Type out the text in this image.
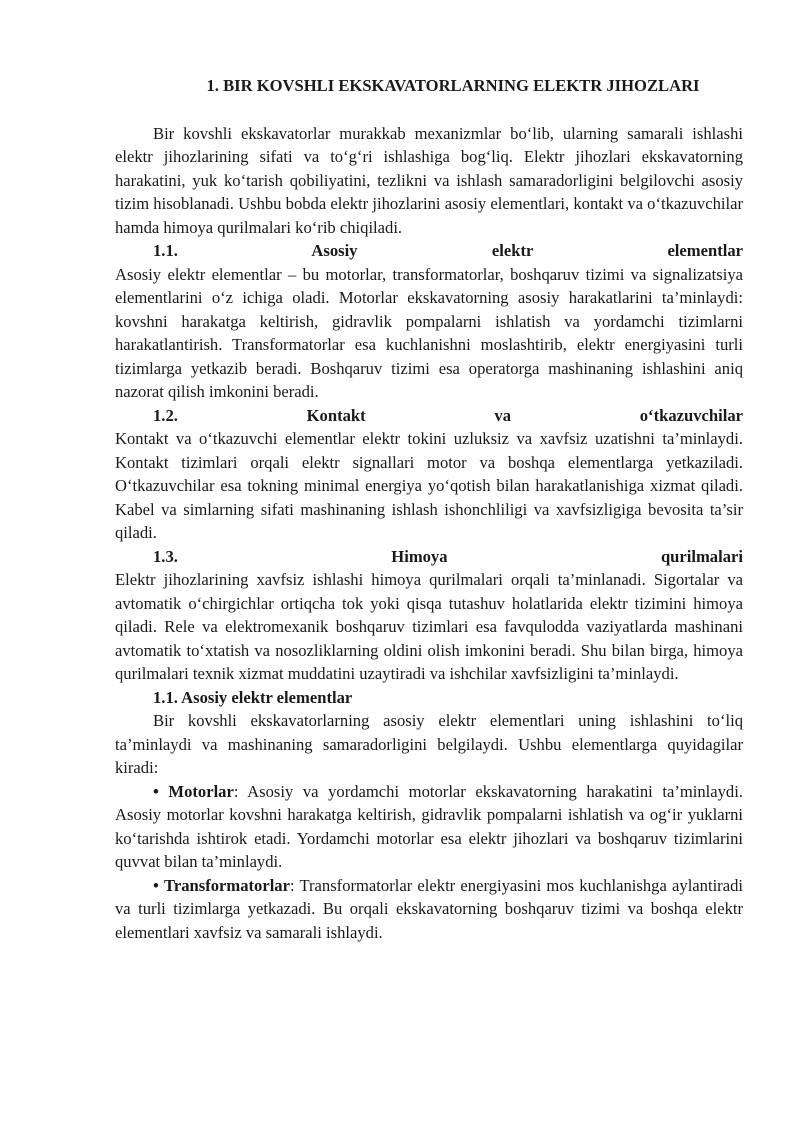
1. BIR KOVSHLI EKSKAVATORLARNING ELEKTR JIHOZLARI

Bir kovshli ekskavatorlar murakkab mexanizmlar bo‘lib, ularning samarali ishlashi elektr jihozlarining sifati va to‘g‘ri ishlashiga bog‘liq. Elektr jihozlari ekskavatorning harakatini, yuk ko‘tarish qobiliyatini, tezlikni va ishlash samaradorligini belgilovchi asosiy tizim hisoblanadi. Ushbu bobda elektr jihozlarini asosiy elementlari, kontakt va o‘tkazuvchilar hamda himoya qurilmalari ko‘rib chiqiladi.

1.1.	Asosiy	elektr	elementlar

Asosiy elektr elementlar – bu motorlar, transformatorlar, boshqaruv tizimi va signalizatsiya elementlarini o‘z ichiga oladi. Motorlar ekskavatorning asosiy harakatlarini ta’minlaydi: kovshni harakatga keltirish, gidravlik pompalarni ishlatish va yordamchi tizimlarni harakatlantirish. Transformatorlar esa kuchlanishni moslashtirib, elektr energiyasini turli tizimlarga yetkazib beradi. Boshqaruv tizimi esa operatorga mashinaning ishlashini aniq nazorat qilish imkonini beradi.

1.2.	Kontakt	va	o‘tkazuvchilar

Kontakt va o‘tkazuvchi elementlar elektr tokini uzluksiz va xavfsiz uzatishni ta’minlaydi. Kontakt tizimlari orqali elektr signallari motor va boshqa elementlarga yetkaziladi. O‘tkazuvchilar esa tokning minimal energiya yo‘qotish bilan harakatlanishiga xizmat qiladi. Kabel va simlarning sifati mashinaning ishlash ishonchliligi va xavfsizligiga bevosita ta’sir qiladi.

1.3.	Himoya	qurilmalari

Elektr jihozlarining xavfsiz ishlashi himoya qurilmalari orqali ta’minlanadi. Sigortalar va avtomatik o‘chirgichlar ortiqcha tok yoki qisqa tutashuv holatlarida elektr tizimini himoya qiladi. Rele va elektromexanik boshqaruv tizimlari esa favqulodda vaziyatlarda mashinani avtomatik to‘xtatish va nosozliklarning oldini olish imkonini beradi. Shu bilan birga, himoya qurilmalari texnik xizmat muddatini uzaytiradi va ishchilar xavfsizligini ta’minlaydi.

1.1. Asosiy elektr elementlar

Bir kovshli ekskavatorlarning asosiy elektr elementlari uning ishlashini to‘liq ta’minlaydi va mashinaning samaradorligini belgilaydi. Ushbu elementlarga quyidagilar kiradi:

• Motorlar: Asosiy va yordamchi motorlar ekskavatorning harakatini ta’minlaydi. Asosiy motorlar kovshni harakatga keltirish, gidravlik pompalarni ishlatish va og‘ir yuklarni ko‘tarishda ishtirok etadi. Yordamchi motorlar esa elektr jihozlari va boshqaruv tizimlarini quvvat bilan ta’minlaydi.

• Transformatorlar: Transformatorlar elektr energiyasini mos kuchlanishga aylantiradi va turli tizimlarga yetkazadi. Bu orqali ekskavatorning boshqaruv tizimi va boshqa elektr elementlari xavfsiz va samarali ishlaydi.
